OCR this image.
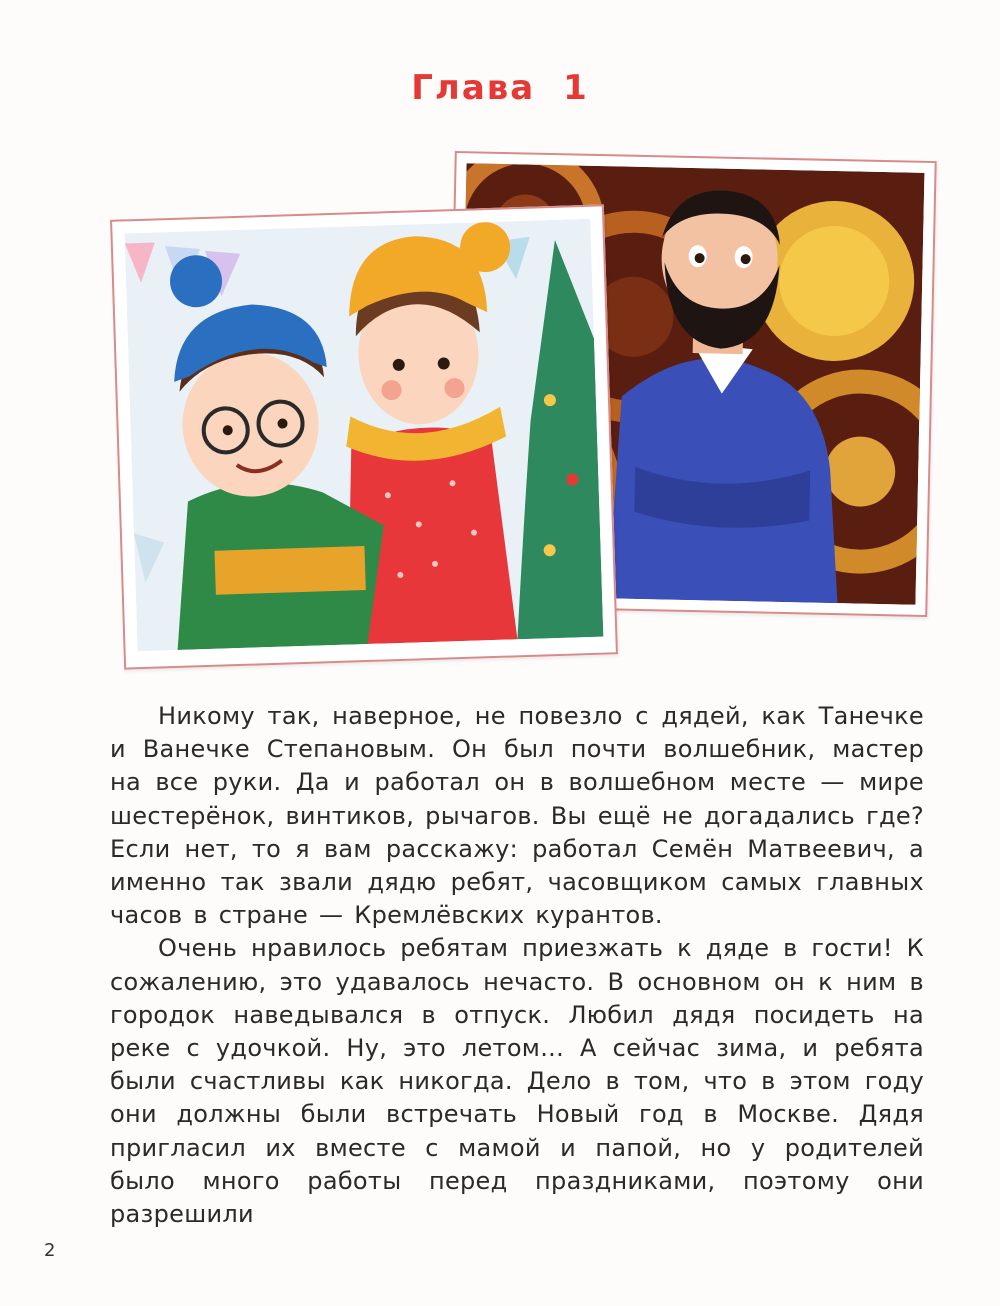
Глава 1

Никому так, наверное, не повезло с дядей, как Танечке и Ванечке Степановым. Он был почти волшебник, мастер на все руки. Да и работал он в волшебном месте — мире шестерёнок, винтиков, рычагов. Вы ещё не догадались где? Если нет, то я вам расскажу: работал Семён Матвеевич, а именно так звали дядю ребят, часовщиком самых главных часов в стране — Кремлёвских курантов.

Очень нравилось ребятам приезжать к дяде в гости! К сожалению, это удавалось нечасто. В основном он к ним в городок наведывался в отпуск. Любил дядя посидеть на реке с удочкой. Ну, это летом... А сейчас зима, и ребята были счастливы как никогда. Дело в том, что в этом году они должны были встречать Новый год в Москве. Дядя пригласил их вместе с мамой и папой, но у родителей было много работы перед праздниками, поэтому они разрешили

2
